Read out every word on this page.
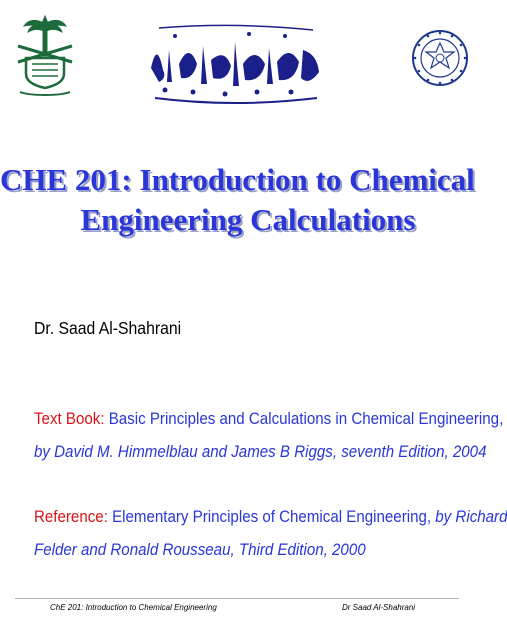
CHE 201: Introduction to Chemical
Engineering Calculations
Dr. Saad Al-Shahrani
Text Book: Basic Principles and Calculations in Chemical Engineering,
by David M. Himmelblau and James B Riggs, seventh Edition, 2004
Reference: Elementary Principles of Chemical Engineering, by Richard
Felder and Ronald Rousseau, Third Edition, 2000
ChE 201: Introduction to Chemical Engineering	Dr Saad Al-Shahrani
